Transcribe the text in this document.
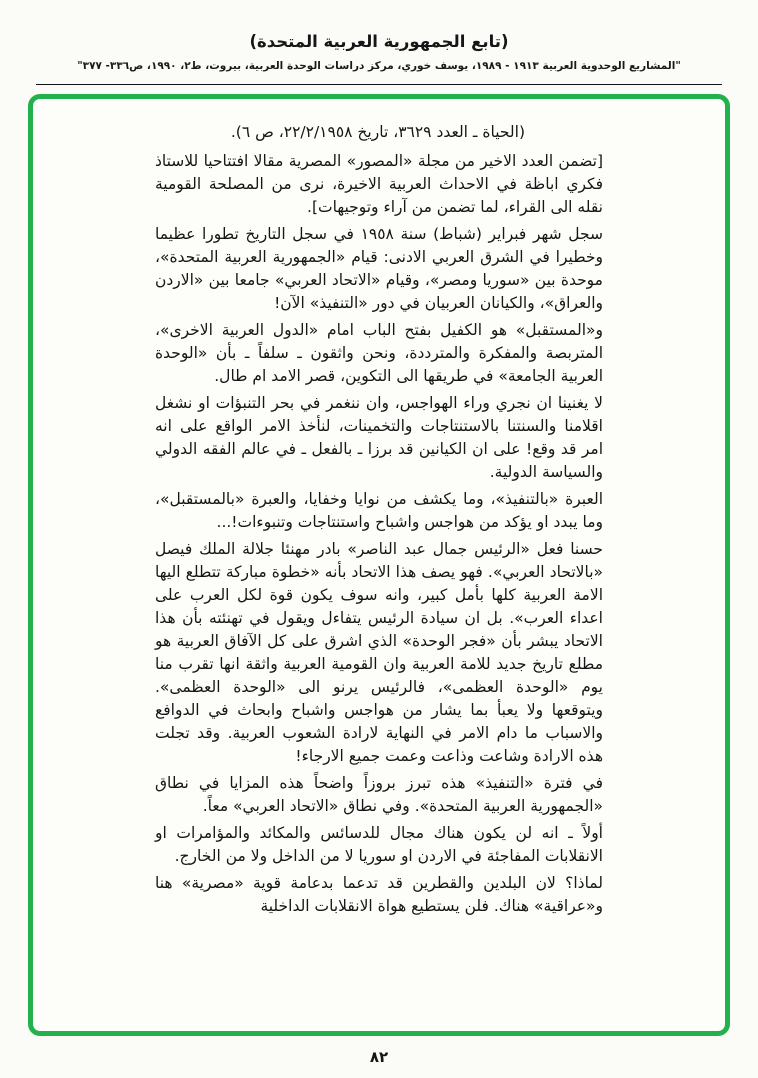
(تابع الجمهورية العربية المتحدة)
"المشاريع الوحدوية العربية ١٩١٣ - ١٩٨٩، يوسف خوري، مركز دراسات الوحدة العربية، بيروت، ط٢، ١٩٩٠، ص٣٣٦- ٣٧٧"

(الحياة ـ العدد ٣٦٢٩، تاريخ ٢٢/٢/١٩٥٨، ص ٦).

[تضمن العدد الاخير من مجلة «المصور» المصرية مقالا افتتاحيا للاستاذ فكري اباظة في الاحداث العربية الاخيرة، نرى من المصلحة القومية نقله الى القراء، لما تضمن من آراء وتوجيهات].

سجل شهر فبراير (شباط) سنة ١٩٥٨ في سجل التاريخ تطورا عظيما وخطيرا في الشرق العربي الادنى: قيام «الجمهورية العربية المتحدة»، موحدة بين «سوريا ومصر»، وقيام «الاتحاد العربي» جامعا بين «الاردن والعراق»، والكيانان العربيان في دور «التنفيذ» الآن!

و«المستقبل» هو الكفيل بفتح الباب امام «الدول العربية الاخرى»، المتربصة والمفكرة والمترددة، ونحن واثقون ـ سلفاً ـ بأن «الوحدة العربية الجامعة» في طريقها الى التكوين، قصر الامد ام طال.

لا يغنينا ان نجري وراء الهواجس، وان ننغمر في بحر التنبؤات او نشغل اقلامنا والسنتنا بالاستنتاجات والتخمينات، لنأخذ الامر الواقع على انه امر قد وقع! على ان الكيانين قد برزا ـ بالفعل ـ في عالم الفقه الدولي والسياسة الدولية.

العبرة «بالتنفيذ»، وما يكشف من نوايا وخفايا، والعبرة «بالمستقبل»، وما يبدد او يؤكد من هواجس واشباح واستنتاجات وتنبوءات!...

حسنا فعل «الرئيس جمال عبد الناصر» بادر مهنئا جلالة الملك فيصل «بالاتحاد العربي». فهو يصف هذا الاتحاد بأنه «خطوة مباركة تتطلع اليها الامة العربية كلها بأمل كبير، وانه سوف يكون قوة لكل العرب على اعداء العرب». بل ان سيادة الرئيس يتفاءل ويقول في تهنئته بأن هذا الاتحاد يبشر بأن «فجر الوحدة» الذي اشرق على كل الآفاق العربية هو مطلع تاريخ جديد للامة العربية وان القومية العربية واثقة انها تقرب منا يوم «الوحدة العظمى»، فالرئيس يرنو الى «الوحدة العظمى». ويتوقعها ولا يعبأ بما يشار من هواجس واشباح وابحاث في الدوافع والاسباب ما دام الامر في النهاية لارادة الشعوب العربية. وقد تجلت هذه الارادة وشاعت وذاعت وعمت جميع الارجاء!

في فترة «التنفيذ» هذه تبرز بروزاً واضحاً هذه المزايا في نطاق «الجمهورية العربية المتحدة». وفي نطاق «الاتحاد العربي» معاً.

أولاً ـ انه لن يكون هناك مجال للدسائس والمكائد والمؤامرات او الانقلابات المفاجئة في الاردن او سوريا لا من الداخل ولا من الخارج.

لماذا؟ لان البلدين والقطرين قد تدعما بدعامة قوية «مصرية» هنا و«عراقية» هناك. فلن يستطيع هواة الانقلابات الداخلية

٨٢
